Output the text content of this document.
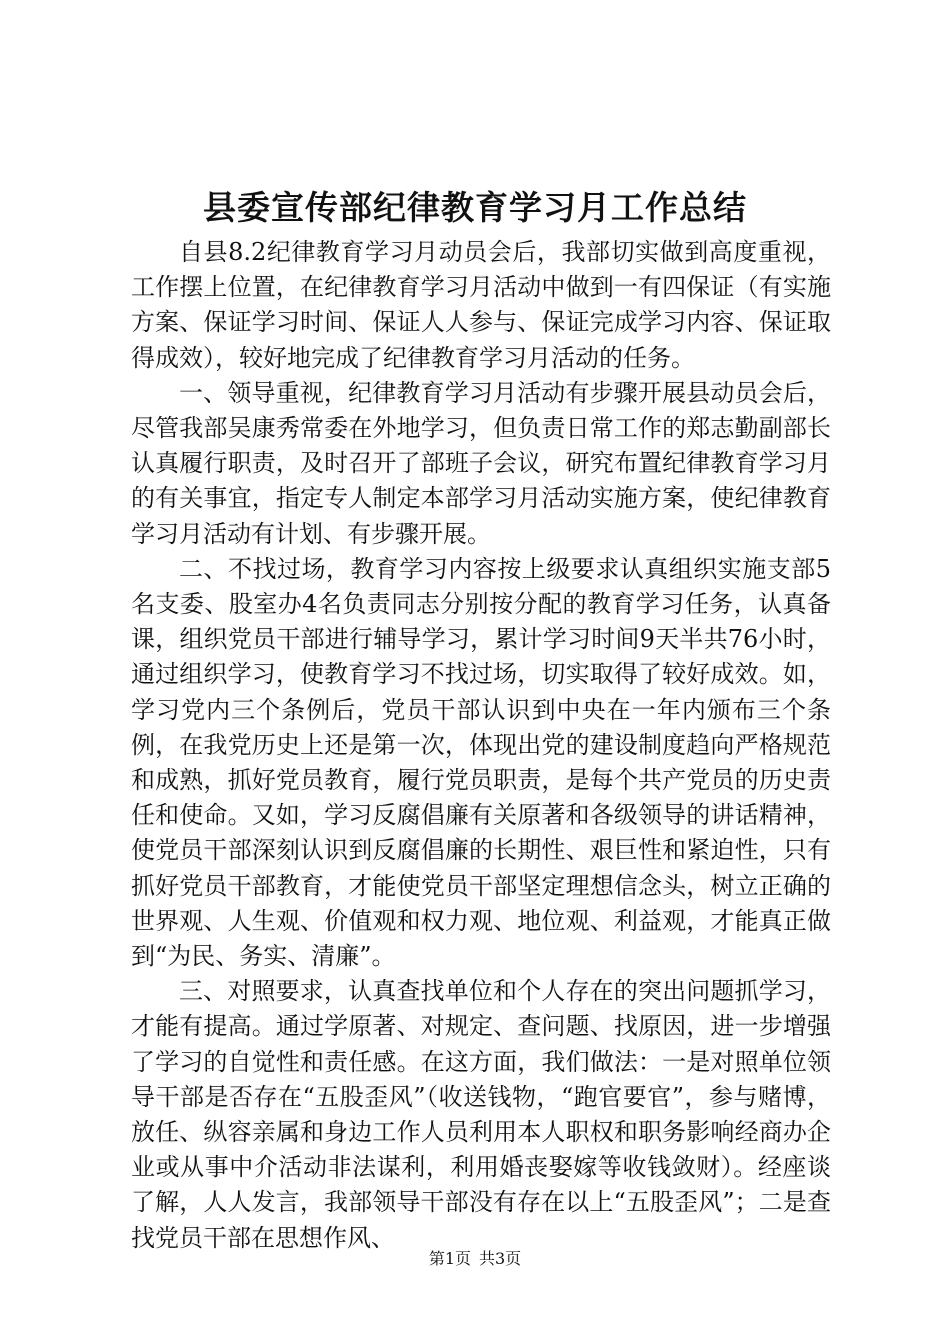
县委宣传部纪律教育学习月工作总结

自县8.2纪律教育学习月动员会后，我部切实做到高度重视，工作摆上位置，在纪律教育学习月活动中做到一有四保证（有实施方案、保证学习时间、保证人人参与、保证完成学习内容、保证取得成效），较好地完成了纪律教育学习月活动的任务。

一、领导重视，纪律教育学习月活动有步骤开展县动员会后，尽管我部吴康秀常委在外地学习，但负责日常工作的郑志勤副部长认真履行职责，及时召开了部班子会议，研究布置纪律教育学习月的有关事宜，指定专人制定本部学习月活动实施方案，使纪律教育学习月活动有计划、有步骤开展。

二、不找过场，教育学习内容按上级要求认真组织实施支部5名支委、股室办4名负责同志分别按分配的教育学习任务，认真备课，组织党员干部进行辅导学习，累计学习时间9天半共76小时，通过组织学习，使教育学习不找过场，切实取得了较好成效。如，学习党内三个条例后，党员干部认识到中央在一年内颁布三个条例，在我党历史上还是第一次，体现出党的建设制度趋向严格规范和成熟，抓好党员教育，履行党员职责，是每个共产党员的历史责任和使命。又如，学习反腐倡廉有关原著和各级领导的讲话精神，使党员干部深刻认识到反腐倡廉的长期性、艰巨性和紧迫性，只有抓好党员干部教育，才能使党员干部坚定理想信念头，树立正确的世界观、人生观、价值观和权力观、地位观、利益观，才能真正做到“为民、务实、清廉”。

三、对照要求，认真查找单位和个人存在的突出问题抓学习，才能有提高。通过学原著、对规定、查问题、找原因，进一步增强了学习的自觉性和责任感。在这方面，我们做法：一是对照单位领导干部是否存在“五股歪风”（收送钱物，“跑官要官”，参与赌博，放任、纵容亲属和身边工作人员利用本人职权和职务影响经商办企业或从事中介活动非法谋利，利用婚丧娶嫁等收钱敛财）。经座谈了解，人人发言，我部领导干部没有存在以上“五股歪风”；二是查找党员干部在思想作风、

第1页 共3页
